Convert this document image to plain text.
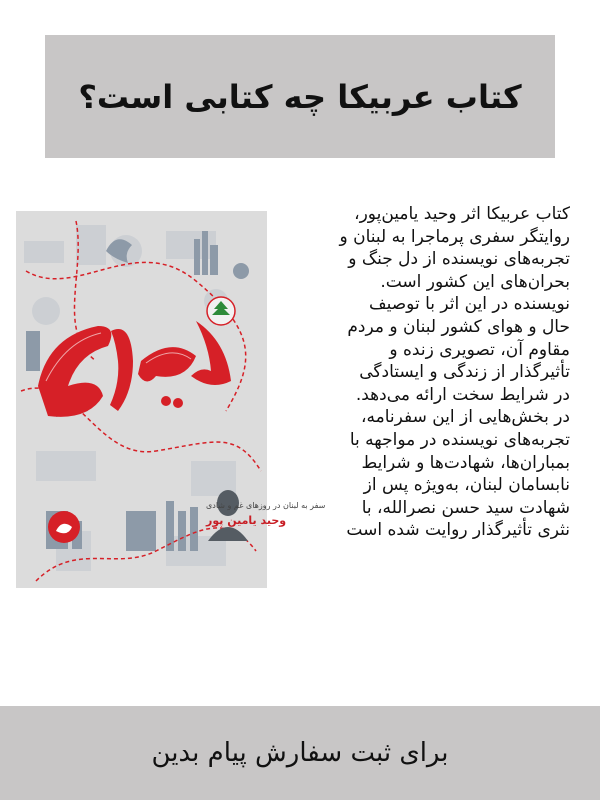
کتاب عربیکا چه کتابی است؟
سفر به لبنان در روزهای غم و شادی
وحید یامین پور
کتاب عربیکا اثر وحید یامین‌پور،
روایتگر سفری پرماجرا به لبنان و
تجربه‌های نویسنده از دل جنگ و
بحران‌های این کشور است.
نویسنده در این اثر با توصیف
حال و هوای کشور لبنان و مردم
مقاوم آن، تصویری زنده و
تأثیرگذار از زندگی و ایستادگی
در شرایط سخت ارائه می‌دهد.
در بخش‌هایی از این سفرنامه،
تجربه‌های نویسنده در مواجهه با
بمباران‌ها، شهادت‌ها و شرایط
نابسامان لبنان، به‌ویژه پس از
شهادت سید حسن نصرالله، با
نثری تأثیرگذار روایت شده است

برای ثبت سفارش پیام بدین
